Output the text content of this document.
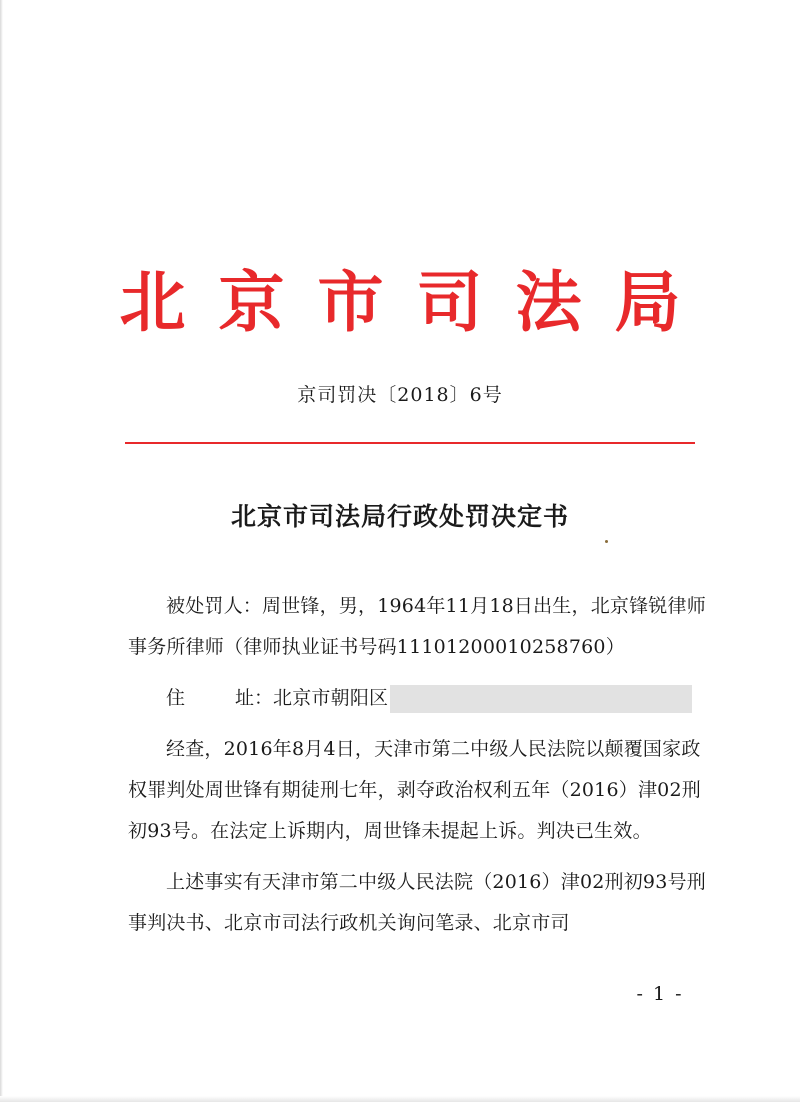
北京市司法局
京司罚决〔2018〕6号
北京市司法局行政处罚决定书

被处罚人：周世锋，男，1964年11月18日出生，北京锋锐律师事务所律师（律师执业证书号码11101200010258760）

住	址： 北京市朝阳区

经查，2016年8月4日，天津市第二中级人民法院以颠覆国家政权罪判处周世锋有期徒刑七年，剥夺政治权利五年（2016）津02刑初93号。在法定上诉期内，周世锋未提起上诉。判决已生效。

上述事实有天津市第二中级人民法院（2016）津02刑初93号刑事判决书、北京市司法行政机关询问笔录、北京市司

- 1 -
